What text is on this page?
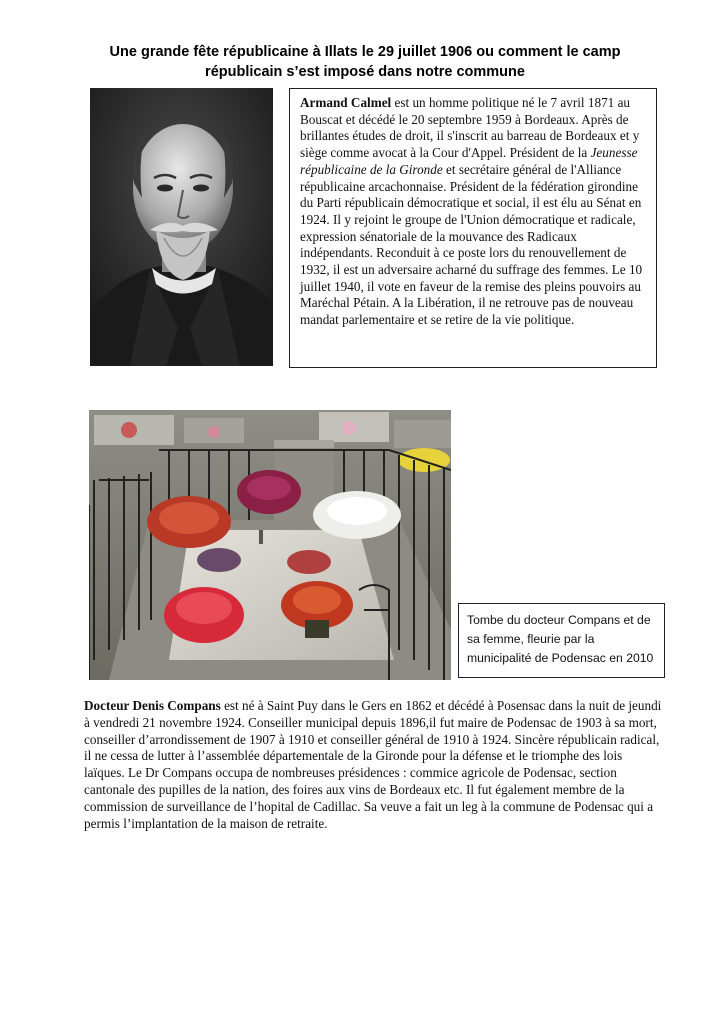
Une grande fête républicaine à Illats le 29 juillet 1906 ou comment le camp républicain s’est imposé dans notre commune
Armand Calmel est un homme politique né le 7 avril 1871 au Bouscat et décédé le 20 septembre 1959 à Bordeaux. Après de brillantes études de droit, il s'inscrit au barreau de Bordeaux et y siège comme avocat à la Cour d'Appel. Président de la Jeunesse républicaine de la Gironde et secrétaire général de l'Alliance républicaine arcachonnaise. Président de la fédération girondine du Parti républicain démocratique et social, il est élu au Sénat en 1924. Il y rejoint le groupe de l'Union démocratique et radicale, expression sénatoriale de la mouvance des Radicaux indépendants. Reconduit à ce poste lors du renouvellement de 1932, il est un adversaire acharné du suffrage des femmes. Le 10 juillet 1940, il vote en faveur de la remise des pleins pouvoirs au Maréchal Pétain. A la Libération, il ne retrouve pas de nouveau mandat parlementaire et se retire de la vie politique.
Tombe du docteur Compans et de sa femme, fleurie par la municipalité de Podensac en 2010
Docteur Denis Compans est né à Saint Puy dans le Gers en 1862 et décédé à Posensac dans la nuit de jeundi à vendredi 21 novembre 1924. Conseiller municipal depuis 1896,il fut maire de Podensac de 1903 à sa mort, conseiller d’arrondissement de 1907 à 1910 et conseiller général de 1910 à 1924. Sincère républicain radical, il ne cessa de lutter à l’assemblée départementale de la Gironde pour la défense et le triomphe des lois laïques. Le Dr Compans occupa de nombreuses présidences : commice agricole de Podensac, section cantonale des pupilles de la nation, des foires aux vins de Bordeaux etc. Il fut également membre de la commission de surveillance de l’hopital de Cadillac. Sa veuve a fait un leg à la commune de Podensac qui a permis l’implantation de la maison de retraite.
